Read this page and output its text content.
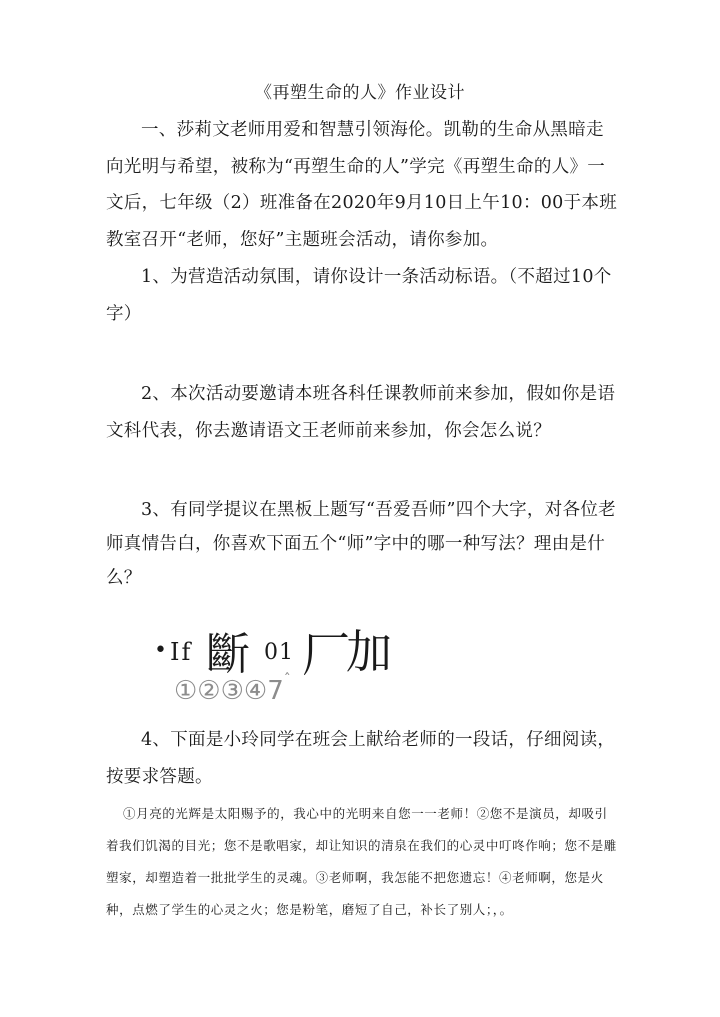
《再塑生命的人》作业设计

一、莎莉文老师用爱和智慧引领海伦。凯勒的生命从黑暗走向光明与希望，被称为“再塑生命的人”学完《再塑生命的人》一文后，七年级（2）班准备在2020年9月10日上午10：00于本班教室召开“老师，您好”主题班会活动，请你参加。

1、为营造活动氛围，请你设计一条活动标语。（不超过10个字）

2、本次活动要邀请本班各科任课教师前来参加，假如你是语文科代表，你去邀请语文王老师前来参加，你会怎么说？

3、有同学提议在黑板上题写“吾爱吾师”四个大字，对各位老师真情告白，你喜欢下面五个“师”字中的哪一种写法？理由是什么？

• If 斷 01 厂
加
$①②③④7^ˆ$

4、下面是小玲同学在班会上献给老师的一段话，仔细阅读，按要求答题。

①月亮的光辉是太阳赐予的，我心中的光明来自您一一老师！②您不是演员，却吸引着我们饥渴的目光；您不是歌唱家，却让知识的清泉在我们的心灵中叮咚作响；您不是雕塑家，却塑造着一批批学生的灵魂。③老师啊，我怎能不把您遗忘！④老师啊，您是火种，点燃了学生的心灵之火；您是粉笔，磨短了自己，补长了别人；，。
